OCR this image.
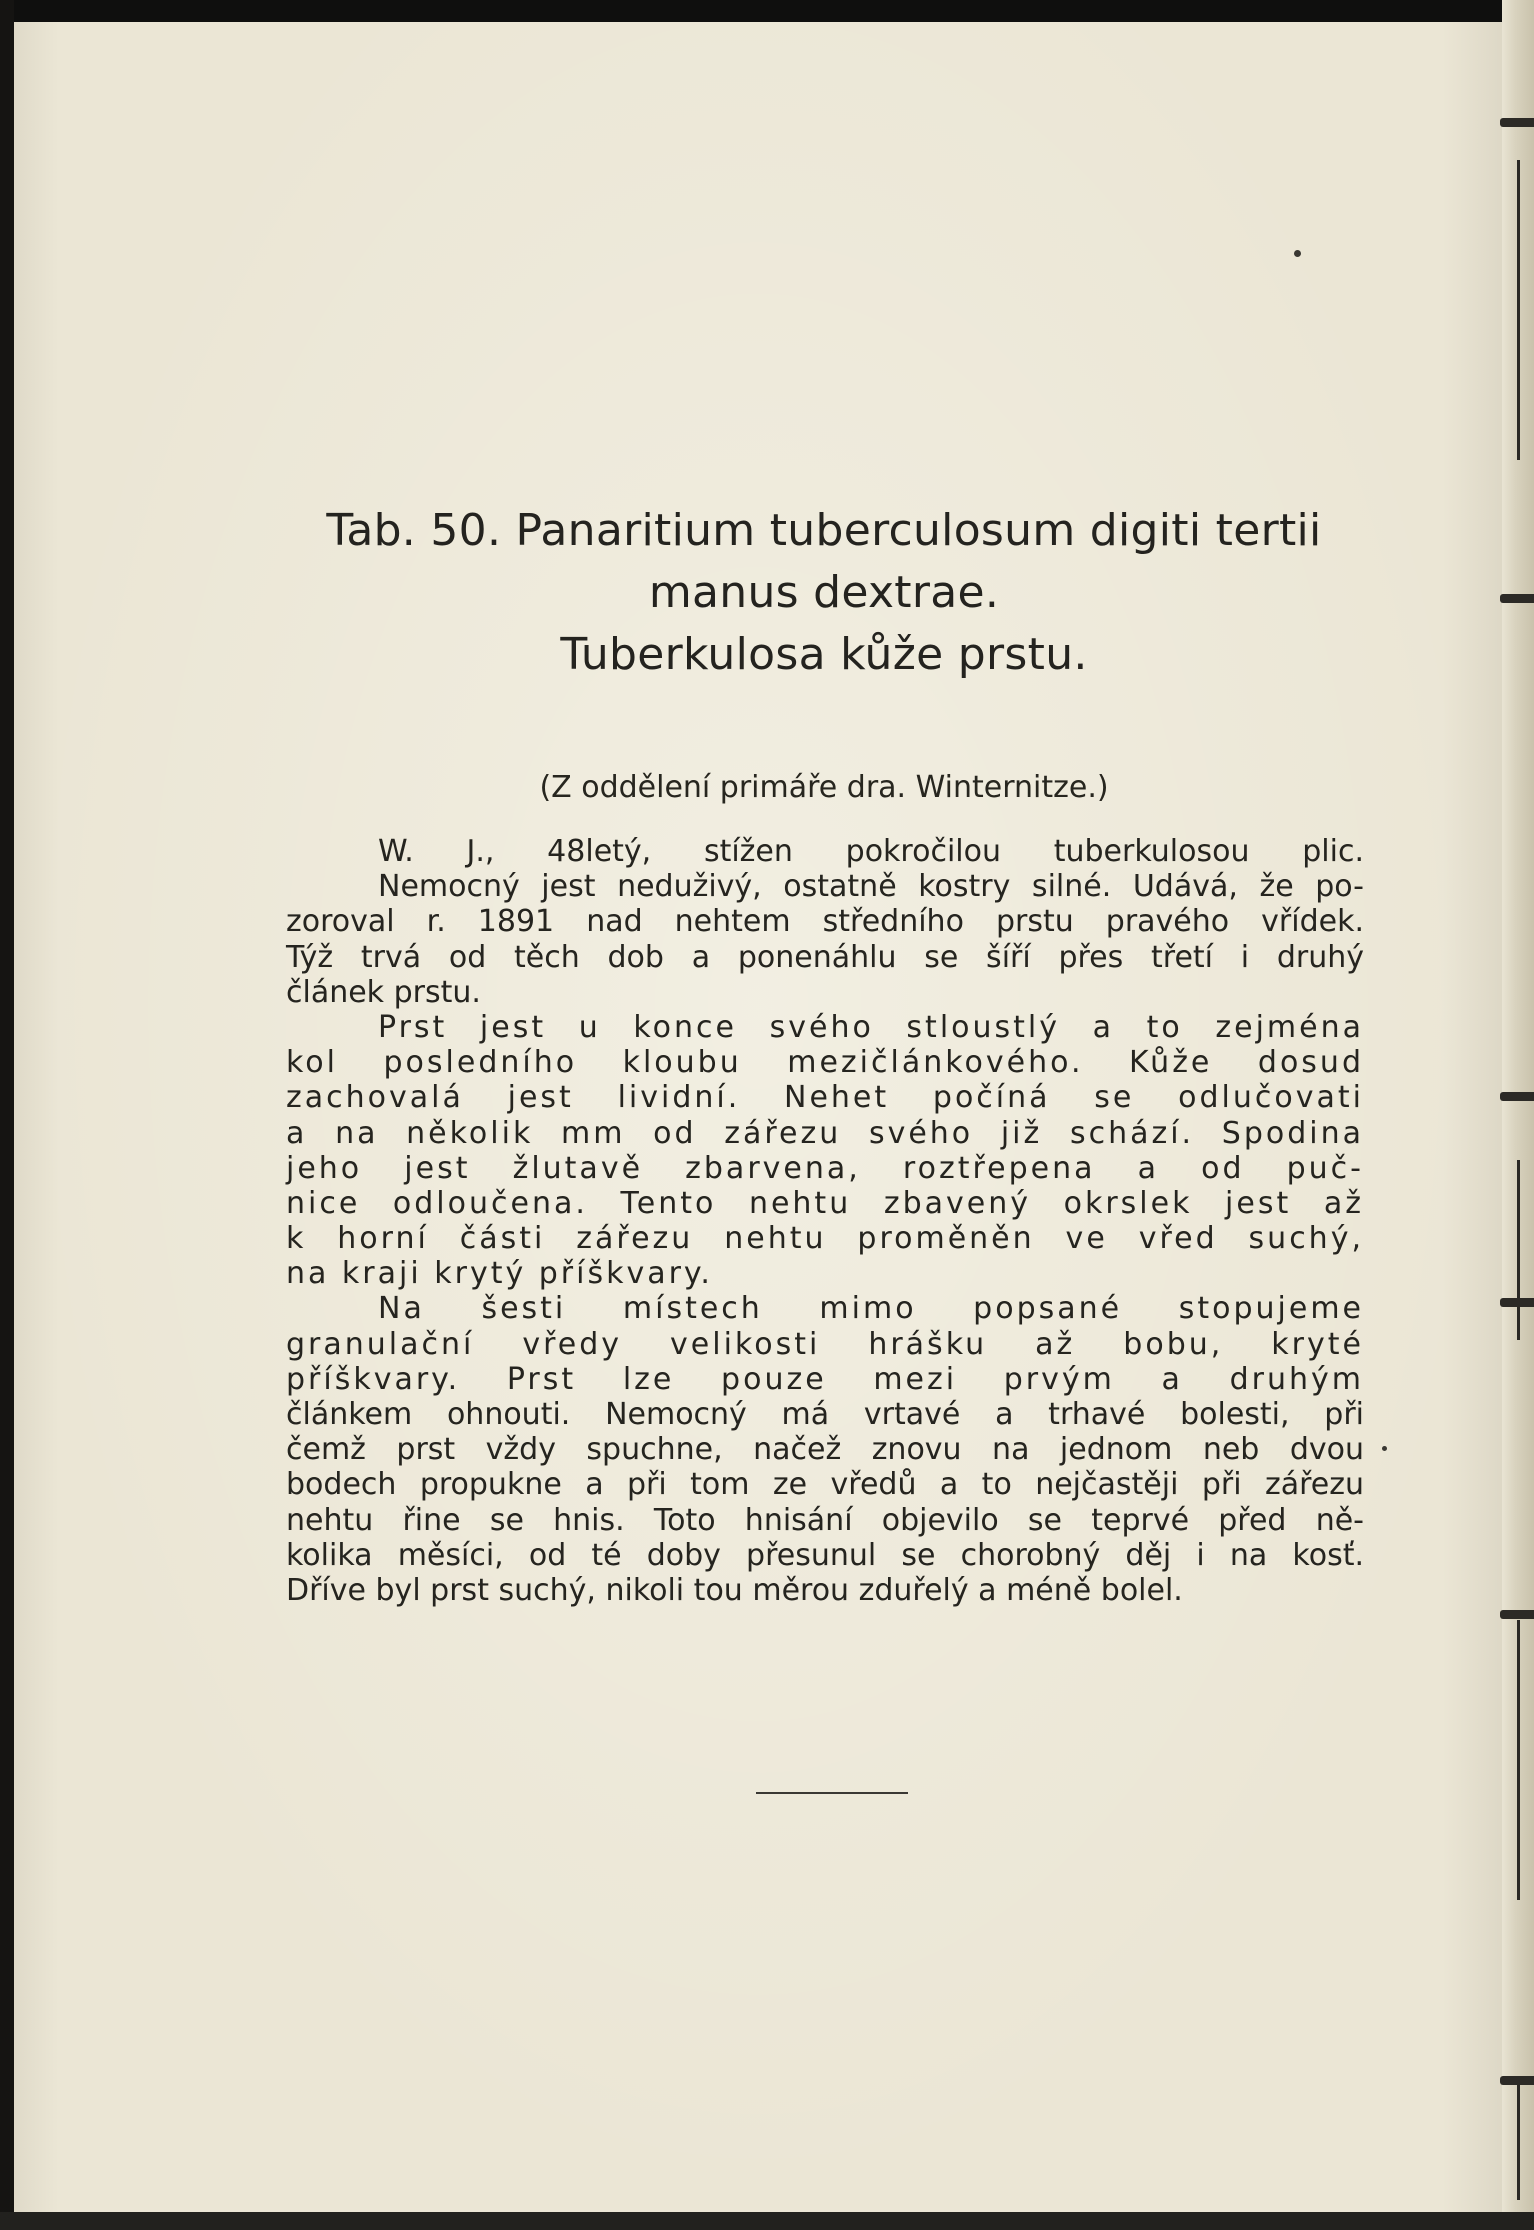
Tab. 50. Panaritium tuberculosum digiti tertii
manus dextrae.
Tuberkulosa kůže prstu.
(Z oddělení primáře dra. Winternitze.)
W. J., 48letý, stížen pokročilou tuberkulosou plic.
Nemocný jest neduživý, ostatně kostry silné. Udává, že po-
zoroval r. 1891 nad nehtem středního prstu pravého vřídek.
Týž trvá od těch dob a ponenáhlu se šíří přes třetí i druhý
článek prstu.
Prst jest u konce svého stloustlý a to zejména
kol posledního kloubu mezičlánkového. Kůže dosud
zachovalá jest lividní. Nehet počíná se odlučovati
a na několik mm od zářezu svého již schází. Spodina
jeho jest žlutavě zbarvena, roztřepena a od puč-
nice odloučena. Tento nehtu zbavený okrslek jest až
k horní části zářezu nehtu proměněn ve vřed suchý,
na kraji krytý příškvary.
Na šesti místech mimo popsané stopujeme
granulační vředy velikosti hrášku až bobu, kryté
příškvary. Prst lze pouze mezi prvým a druhým
článkem ohnouti. Nemocný má vrtavé a trhavé bolesti, při
čemž prst vždy spuchne, načež znovu na jednom neb dvou
bodech propukne a při tom ze vředů a to nejčastěji při zářezu
nehtu řine se hnis. Toto hnisání objevilo se teprvé před ně-
kolika měsíci, od té doby přesunul se chorobný děj i na kosť.
Dříve byl prst suchý, nikoli tou měrou zduřelý a méně bolel.
